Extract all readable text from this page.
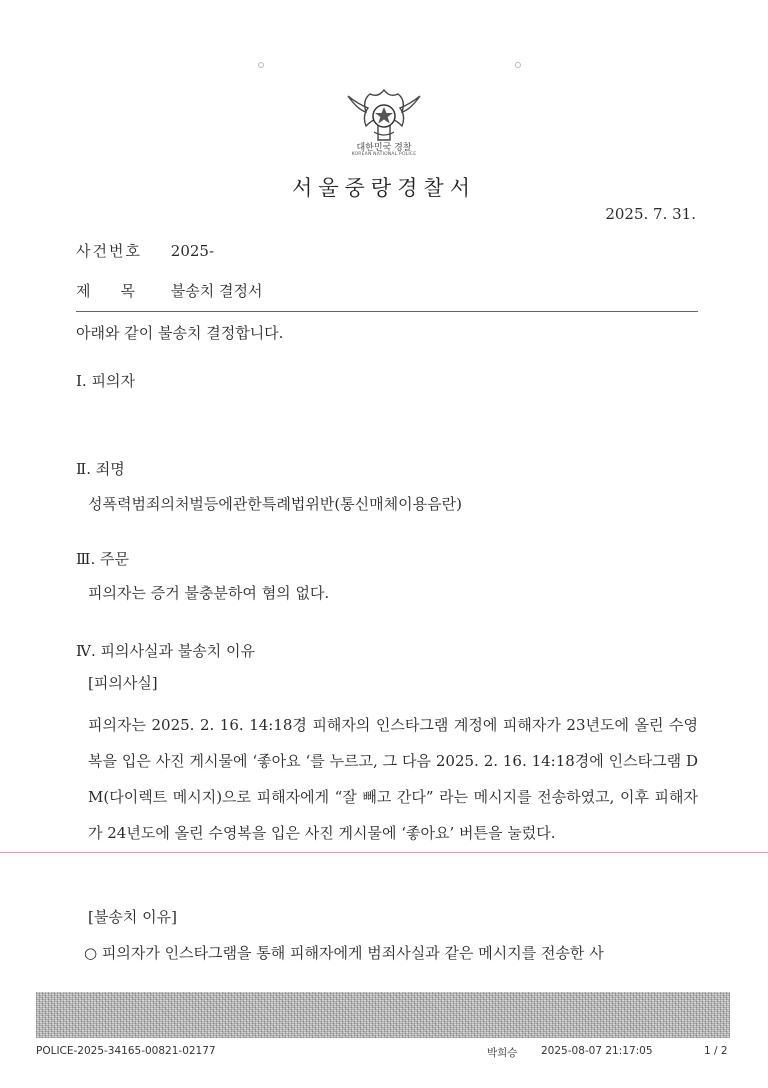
대한민국 경찰
KOREAN NATIONAL POLICE
서울중랑경찰서
2025. 7. 31.
사건번호 2025-
제　　목 불송치 결정서
아래와 같이 불송치 결정합니다.
Ⅰ. 피의자
Ⅱ. 죄명
성폭력범죄의처벌등에관한특례법위반(통신매체이용음란)
Ⅲ. 주문
피의자는 증거 불충분하여 혐의 없다.
Ⅳ. 피의사실과 불송치 이유
[피의사실]
피의자는 2025. 2. 16. 14:18경 피해자의 인스타그램 계정에 피해자가 23년도에 올린 수영복을 입은 사진 게시물에 ‘좋아요 ‘를 누르고, 그 다음 2025. 2. 16. 14:18경에 인스타그램 DM(다이렉트 메시지)으로 피해자에게 “잘 빼고 간다” 라는 메시지를 전송하였고, 이후 피해자가 24년도에 올린 수영복을 입은 사진 게시물에 ‘좋아요’ 버튼을 눌렀다.
[불송치 이유]
○ 피의자가 인스타그램을 통해 피해자에게 범죄사실과 같은 메시지를 전송한 사
POLICE-2025-34165-00821-02177	박희승 2025-08-07 21:17:05	1 / 2
